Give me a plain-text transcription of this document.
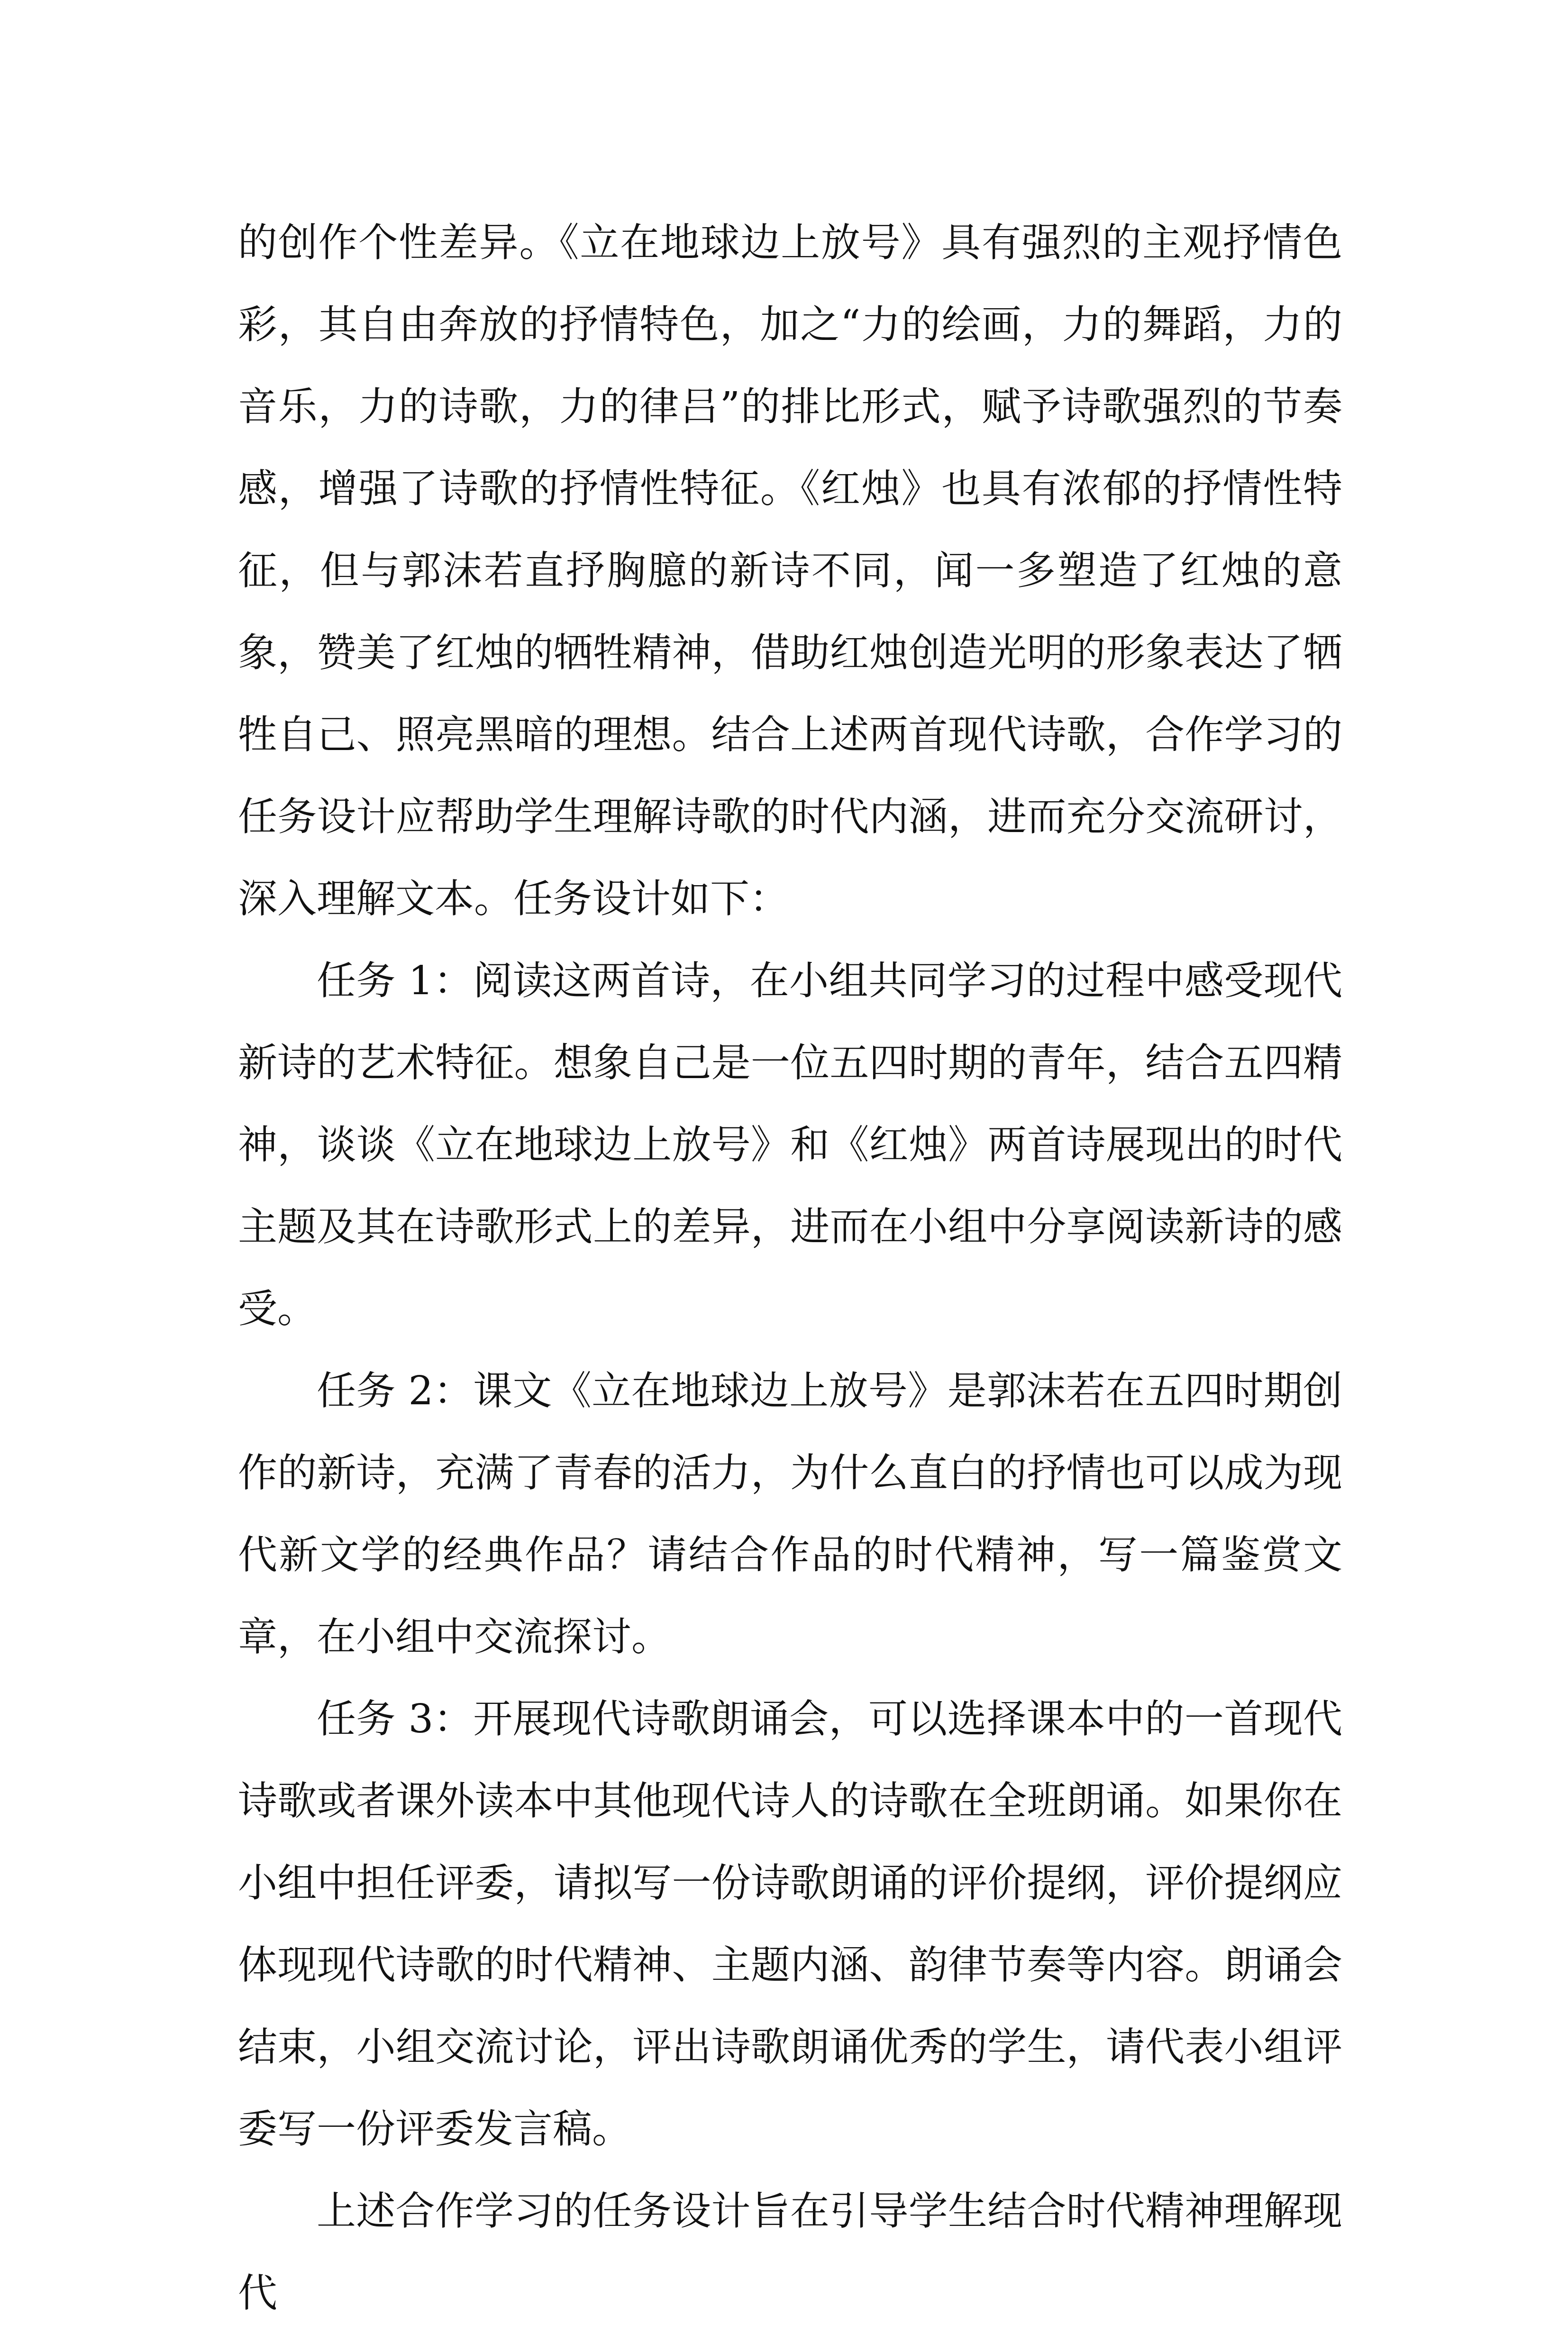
的创作个性差异。《立在地球边上放号》具有强烈的主观抒情色彩，其自由奔放的抒情特色，加之“力的绘画，力的舞蹈，力的音乐，力的诗歌，力的律吕”的排比形式，赋予诗歌强烈的节奏感，增强了诗歌的抒情性特征。《红烛》也具有浓郁的抒情性特征，但与郭沫若直抒胸臆的新诗不同，闻一多塑造了红烛的意象，赞美了红烛的牺牲精神，借助红烛创造光明的形象表达了牺牲自己、照亮黑暗的理想。结合上述两首现代诗歌，合作学习的任务设计应帮助学生理解诗歌的时代内涵，进而充分交流研讨，深入理解文本。任务设计如下：

任务 1：阅读这两首诗，在小组共同学习的过程中感受现代新诗的艺术特征。想象自己是一位五四时期的青年，结合五四精神，谈谈《立在地球边上放号》和《红烛》两首诗展现出的时代主题及其在诗歌形式上的差异，进而在小组中分享阅读新诗的感受。

任务 2：课文《立在地球边上放号》是郭沫若在五四时期创作的新诗，充满了青春的活力，为什么直白的抒情也可以成为现代新文学的经典作品？请结合作品的时代精神，写一篇鉴赏文章，在小组中交流探讨。

任务 3：开展现代诗歌朗诵会，可以选择课本中的一首现代诗歌或者课外读本中其他现代诗人的诗歌在全班朗诵。如果你在小组中担任评委，请拟写一份诗歌朗诵的评价提纲，评价提纲应体现现代诗歌的时代精神、主题内涵、韵律节奏等内容。朗诵会结束，小组交流讨论，评出诗歌朗诵优秀的学生，请代表小组评委写一份评委发言稿。

上述合作学习的任务设计旨在引导学生结合时代精神理解现代
